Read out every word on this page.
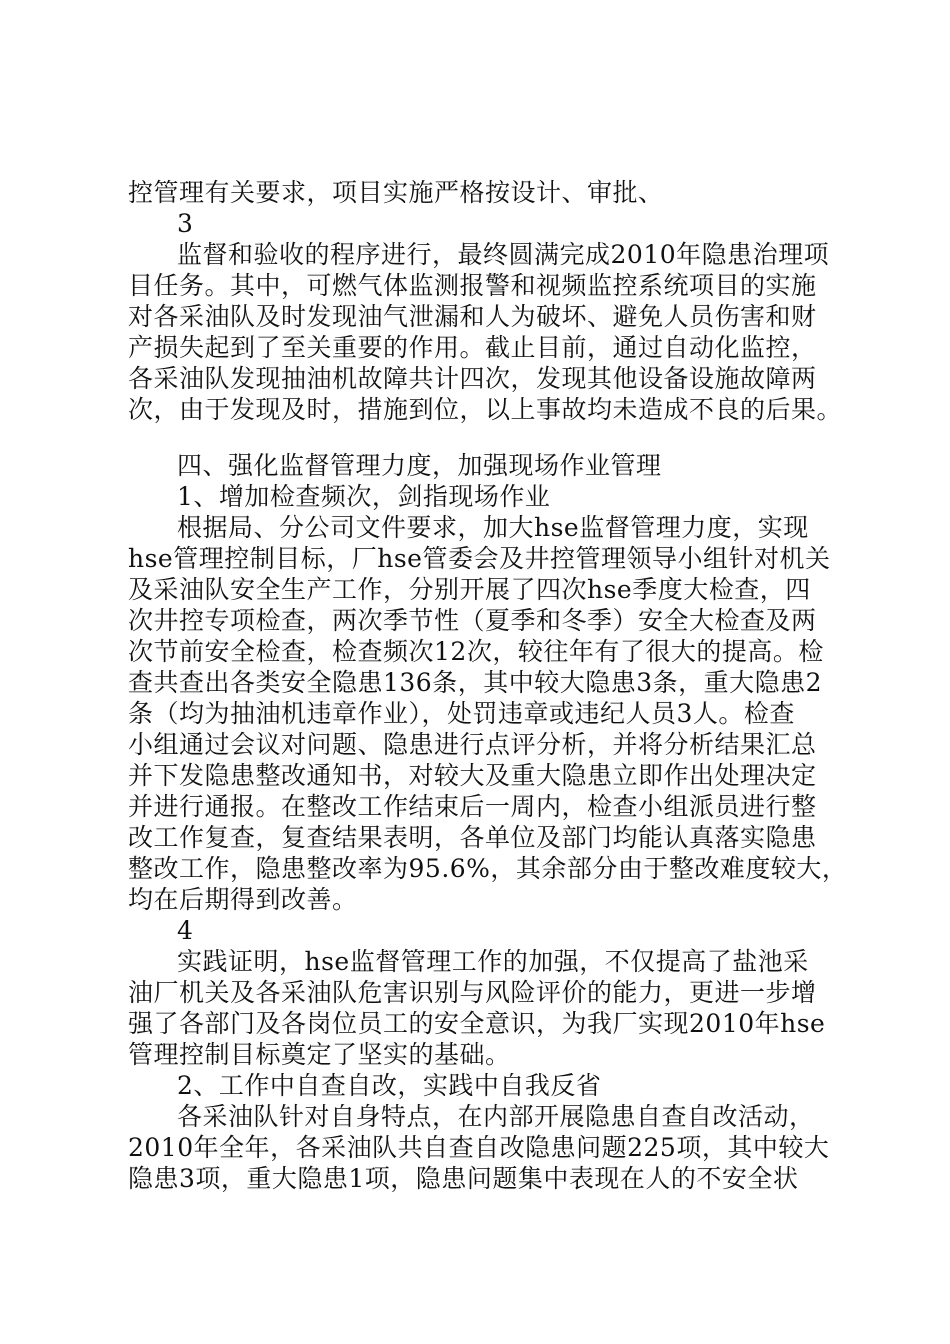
控管理有关要求，项目实施严格按设计、审批、
3
监督和验收的程序进行，最终圆满完成2010年隐患治理项
目任务。其中，可燃气体监测报警和视频监控系统项目的实施
对各采油队及时发现油气泄漏和人为破坏、避免人员伤害和财
产损失起到了至关重要的作用。截止目前，通过自动化监控，
各采油队发现抽油机故障共计四次，发现其他设备设施故障两
次，由于发现及时，措施到位，以上事故均未造成不良的后果。
四、强化监督管理力度，加强现场作业管理
1、增加检查频次，剑指现场作业
根据局、分公司文件要求，加大hse监督管理力度，实现
hse管理控制目标，厂hse管委会及井控管理领导小组针对机关
及采油队安全生产工作，分别开展了四次hse季度大检查，四
次井控专项检查，两次季节性（夏季和冬季）安全大检查及两
次节前安全检查，检查频次12次，较往年有了很大的提高。检
查共查出各类安全隐患136条，其中较大隐患3条，重大隐患2
条（均为抽油机违章作业），处罚违章或违纪人员3人。检查
小组通过会议对问题、隐患进行点评分析，并将分析结果汇总
并下发隐患整改通知书，对较大及重大隐患立即作出处理决定
并进行通报。在整改工作结束后一周内，检查小组派员进行整
改工作复查，复查结果表明，各单位及部门均能认真落实隐患
整改工作，隐患整改率为95.6%，其余部分由于整改难度较大，
均在后期得到改善。
4
实践证明，hse监督管理工作的加强，不仅提高了盐池采
油厂机关及各采油队危害识别与风险评价的能力，更进一步增
强了各部门及各岗位员工的安全意识，为我厂实现2010年hse
管理控制目标奠定了坚实的基础。
2、工作中自查自改，实践中自我反省
各采油队针对自身特点，在内部开展隐患自查自改活动，
2010年全年，各采油队共自查自改隐患问题225项，其中较大
隐患3项，重大隐患1项，隐患问题集中表现在人的不安全状
